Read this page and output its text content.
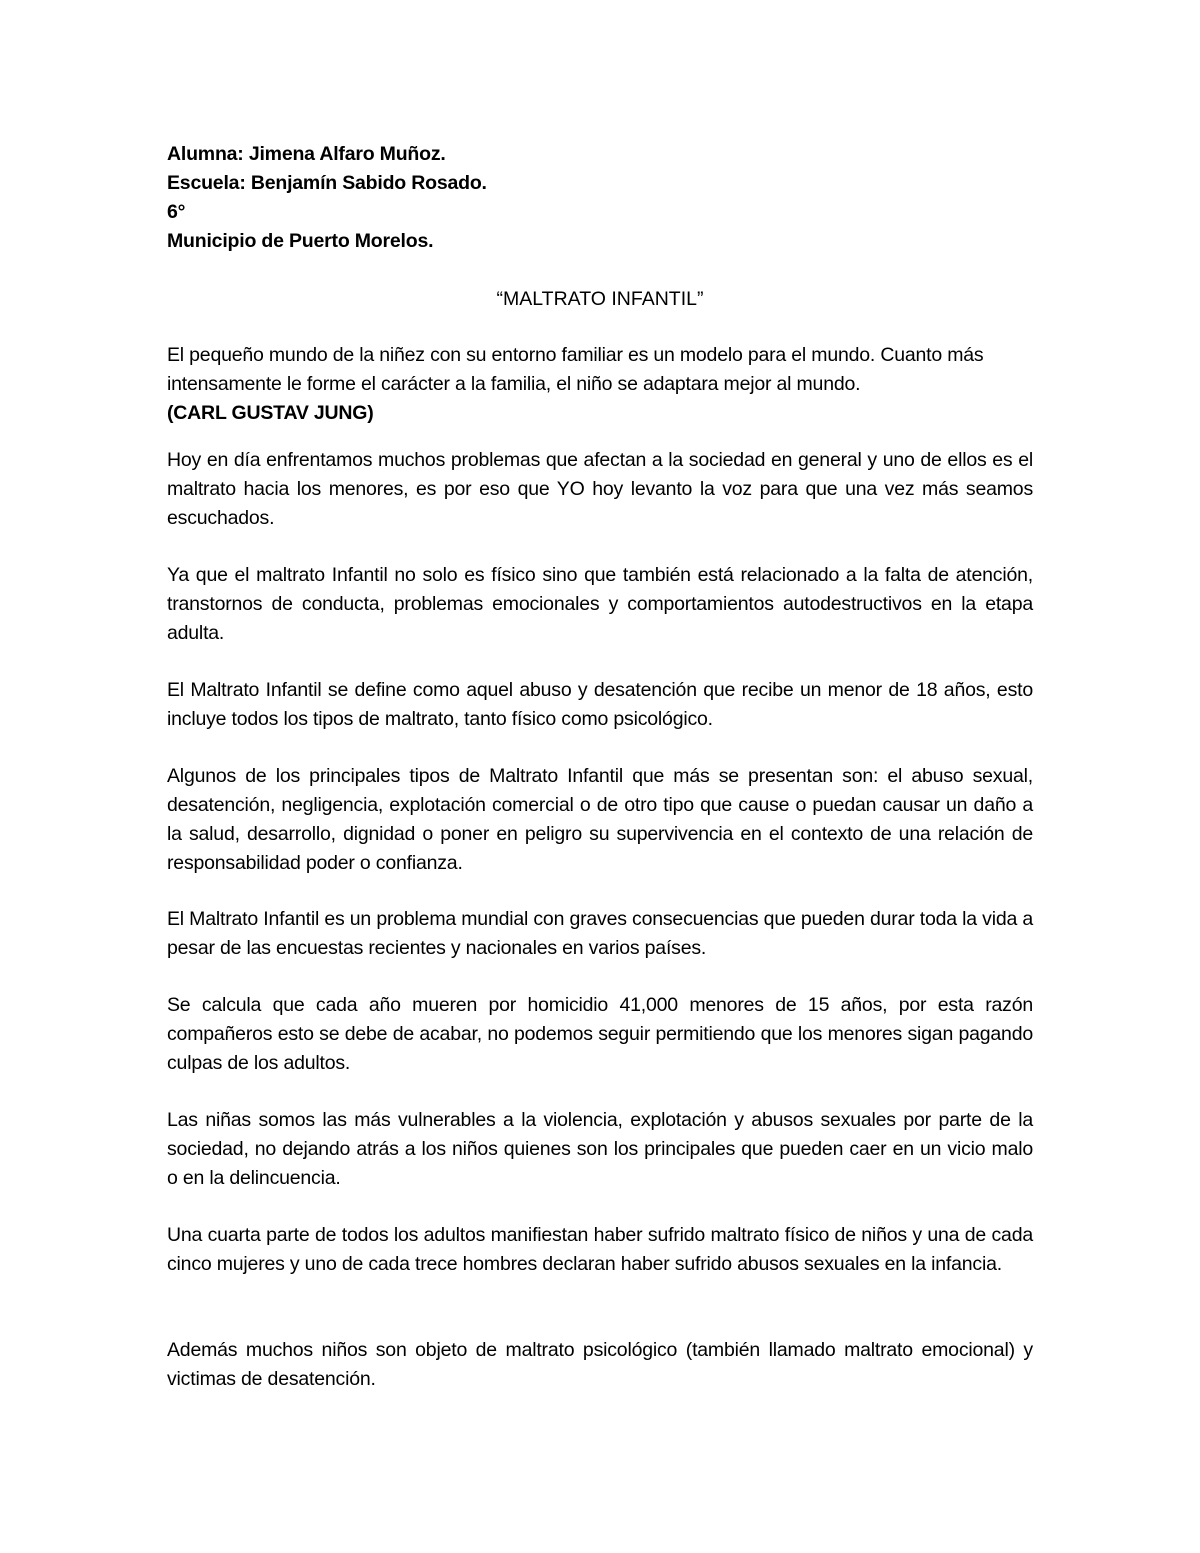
Alumna: Jimena Alfaro Muñoz.
Escuela: Benjamín Sabido Rosado.
6°
Municipio de Puerto Morelos.
“MALTRATO INFANTIL”
El pequeño mundo de la niñez con su entorno familiar es un modelo para el mundo. Cuanto más intensamente le forme el carácter a la familia, el niño se adaptara mejor al mundo.
(CARL GUSTAV JUNG)
Hoy en día enfrentamos muchos problemas que afectan a la sociedad en general y uno de ellos es el maltrato hacia los menores, es por eso que YO hoy levanto la voz para que una vez más seamos escuchados.
Ya que el maltrato Infantil no solo es físico sino que también está relacionado a la falta de atención, transtornos de conducta, problemas emocionales y comportamientos autodestructivos en la etapa adulta.
El Maltrato Infantil se define como aquel abuso y desatención que recibe un menor de 18 años, esto incluye todos los tipos de maltrato, tanto físico como psicológico.
Algunos de los principales tipos de Maltrato Infantil que más se presentan son: el abuso sexual, desatención, negligencia, explotación comercial o de otro tipo que cause o puedan causar un daño a la salud, desarrollo, dignidad o poner en peligro su supervivencia en el contexto de una relación de responsabilidad poder o confianza.
El Maltrato Infantil es un problema mundial con graves consecuencias que pueden durar toda la vida a pesar de las encuestas recientes y nacionales en varios países.
Se calcula que cada año mueren por homicidio 41,000 menores de 15 años, por esta razón compañeros esto se debe de acabar, no podemos seguir permitiendo que los menores sigan pagando culpas de los adultos.
Las niñas somos las más vulnerables a la violencia, explotación y abusos sexuales por parte de la sociedad, no dejando atrás a los niños quienes son los principales que pueden caer en un vicio malo o en la delincuencia.
Una cuarta parte de todos los adultos manifiestan haber sufrido maltrato físico de niños y una de cada cinco mujeres y uno de cada trece hombres declaran haber sufrido abusos sexuales en la infancia.
Además muchos niños son objeto de maltrato psicológico (también llamado maltrato emocional) y victimas de desatención.
